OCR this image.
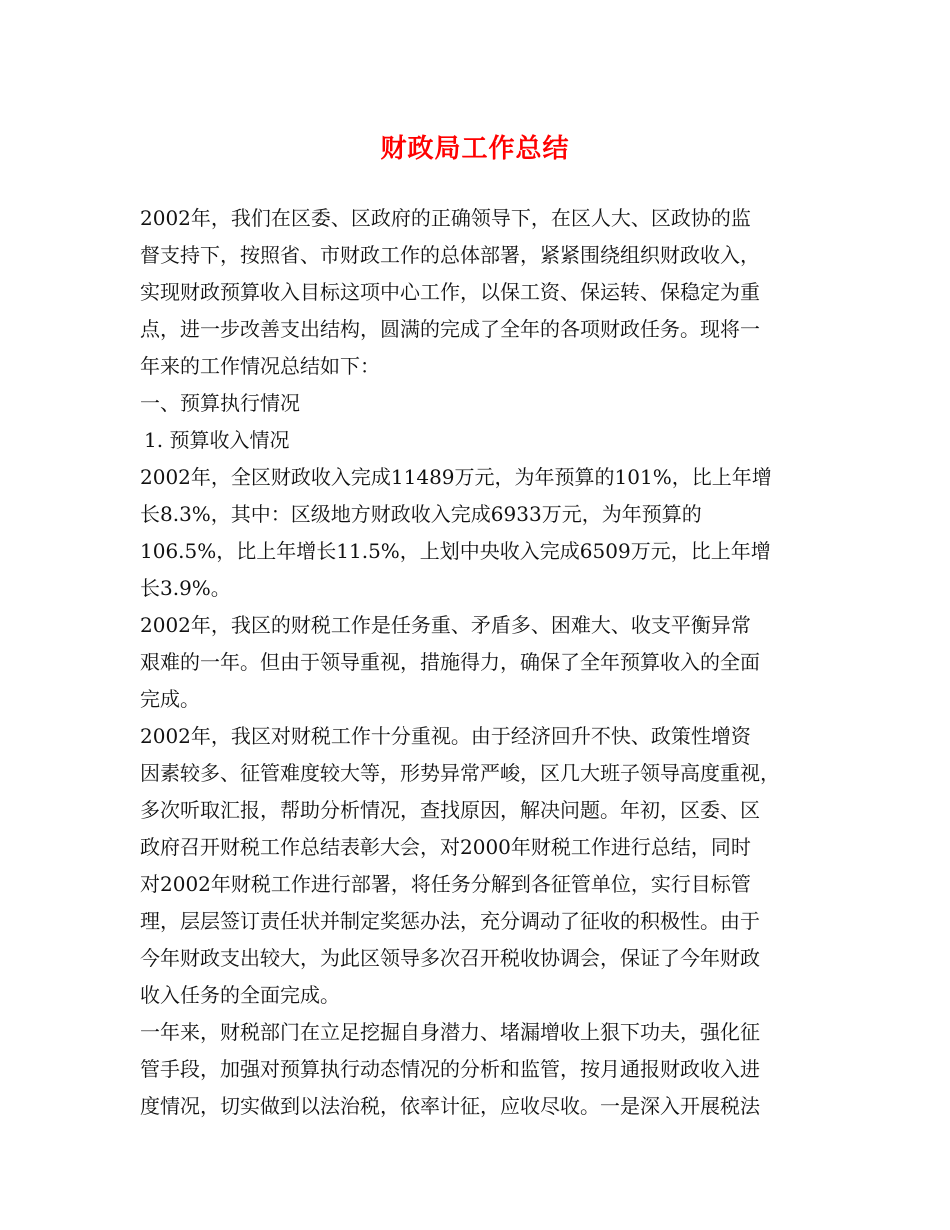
财政局工作总结

2002年，我们在区委、区政府的正确领导下，在区人大、区政协的监

督支持下，按照省、市财政工作的总体部署，紧紧围绕组织财政收入，

实现财政预算收入目标这项中心工作，以保工资、保运转、保稳定为重

点，进一步改善支出结构，圆满的完成了全年的各项财政任务。现将一

年来的工作情况总结如下：

一、预算执行情况

1. 预算收入情况

2002年，全区财政收入完成11489万元，为年预算的101%，比上年增

长8.3%，其中：区级地方财政收入完成6933万元，为年预算的

106.5%，比上年增长11.5%，上划中央收入完成6509万元，比上年增

长3.9%。

2002年，我区的财税工作是任务重、矛盾多、困难大、收支平衡异常

艰难的一年。但由于领导重视，措施得力，确保了全年预算收入的全面

完成。

2002年，我区对财税工作十分重视。由于经济回升不快、政策性增资

因素较多、征管难度较大等，形势异常严峻，区几大班子领导高度重视，

多次听取汇报，帮助分析情况，查找原因，解决问题。年初，区委、区

政府召开财税工作总结表彰大会，对2000年财税工作进行总结，同时

对2002年财税工作进行部署，将任务分解到各征管单位，实行目标管

理，层层签订责任状并制定奖惩办法，充分调动了征收的积极性。由于

今年财政支出较大，为此区领导多次召开税收协调会，保证了今年财政

收入任务的全面完成。

一年来，财税部门在立足挖掘自身潜力、堵漏增收上狠下功夫，强化征

管手段，加强对预算执行动态情况的分析和监管，按月通报财政收入进

度情况，切实做到以法治税，依率计征，应收尽收。一是深入开展税法
